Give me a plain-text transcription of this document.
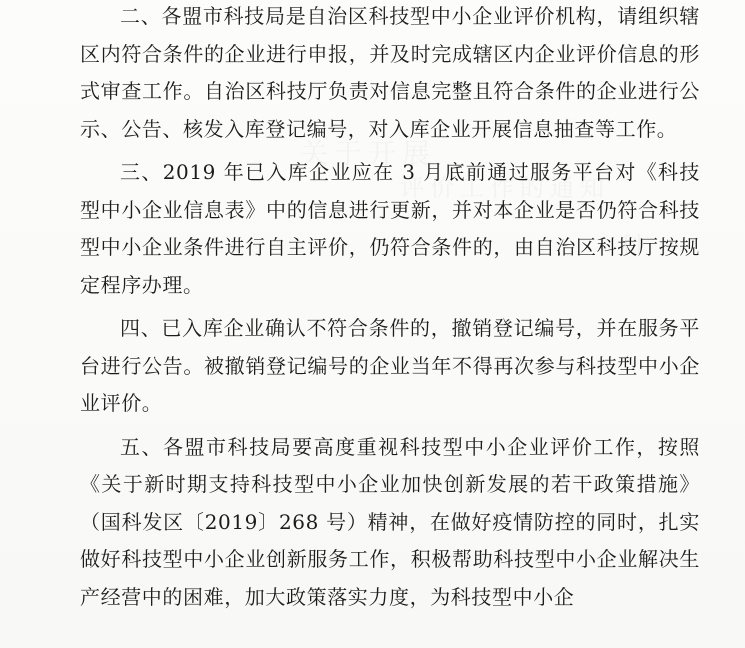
二、各盟市科技局是自治区科技型中小企业评价机构，请组织辖区内符合条件的企业进行申报，并及时完成辖区内企业评价信息的形式审查工作。自治区科技厅负责对信息完整且符合条件的企业进行公示、公告、核发入库登记编号，对入库企业开展信息抽查等工作。

三、2019 年已入库企业应在 3 月底前通过服务平台对《科技型中小企业信息表》中的信息进行更新，并对本企业是否仍符合科技型中小企业条件进行自主评价，仍符合条件的，由自治区科技厅按规定程序办理。

四、已入库企业确认不符合条件的，撤销登记编号，并在服务平台进行公告。被撤销登记编号的企业当年不得再次参与科技型中小企业评价。

五、各盟市科技局要高度重视科技型中小企业评价工作，按照《关于新时期支持科技型中小企业加快创新发展的若干政策措施》（国科发区〔2019〕268 号）精神，在做好疫情防控的同时，扎实做好科技型中小企业创新服务工作，积极帮助科技型中小企业解决生产经营中的困难，加大政策落实力度，为科技型中小企
